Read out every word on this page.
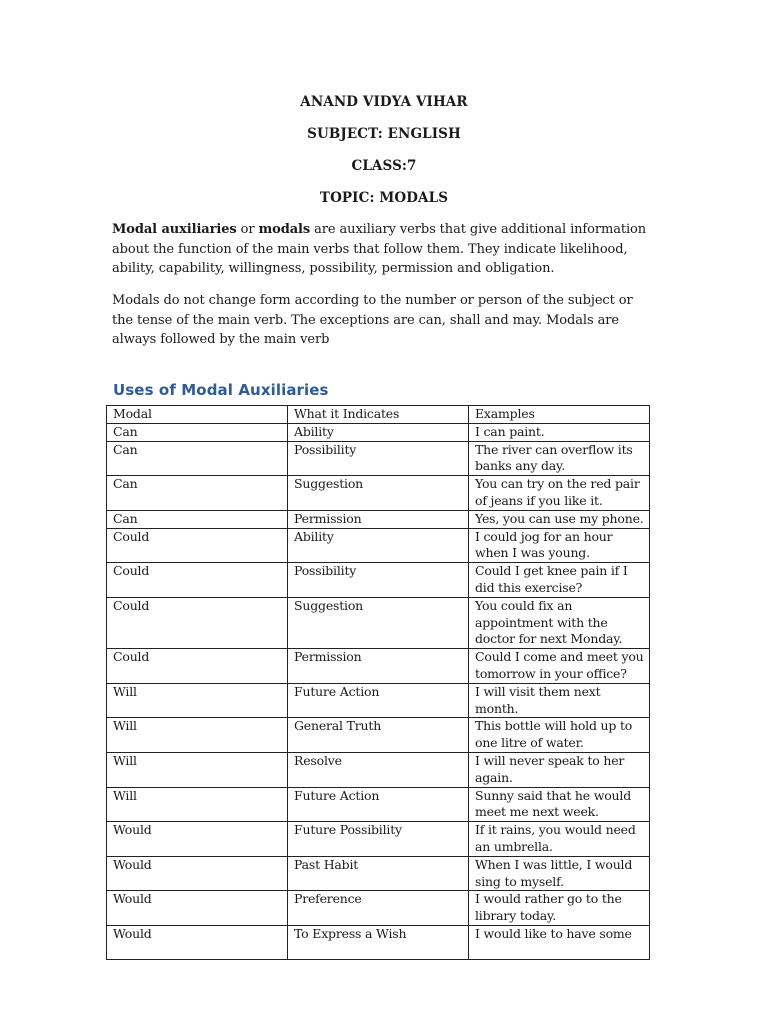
ANAND VIDYA VIHAR
SUBJECT: ENGLISH
CLASS:7
TOPIC: MODALS
Modal auxiliaries or modals are auxiliary verbs that give additional information about the function of the main verbs that follow them. They indicate likelihood, ability, capability, willingness, possibility, permission and obligation.
Modals do not change form according to the number or person of the subject or the tense of the main verb. The exceptions are can, shall and may. Modals are always followed by the main verb
Uses of Modal Auxiliaries
Modal	What it Indicates	Examples
Can	Ability	I can paint.
Can	Possibility	The river can overflow its banks any day.
Can	Suggestion	You can try on the red pair of jeans if you like it.
Can	Permission	Yes, you can use my phone.
Could	Ability	I could jog for an hour when I was young.
Could	Possibility	Could I get knee pain if I did this exercise?
Could	Suggestion	You could fix an appointment with the doctor for next Monday.
Could	Permission	Could I come and meet you tomorrow in your office?
Will	Future Action	I will visit them next month.
Will	General Truth	This bottle will hold up to one litre of water.
Will	Resolve	I will never speak to her again.
Will	Future Action	Sunny said that he would meet me next week.
Would	Future Possibility	If it rains, you would need an umbrella.
Would	Past Habit	When I was little, I would sing to myself.
Would	Preference	I would rather go to the library today.
Would	To Express a Wish	I would like to have some
